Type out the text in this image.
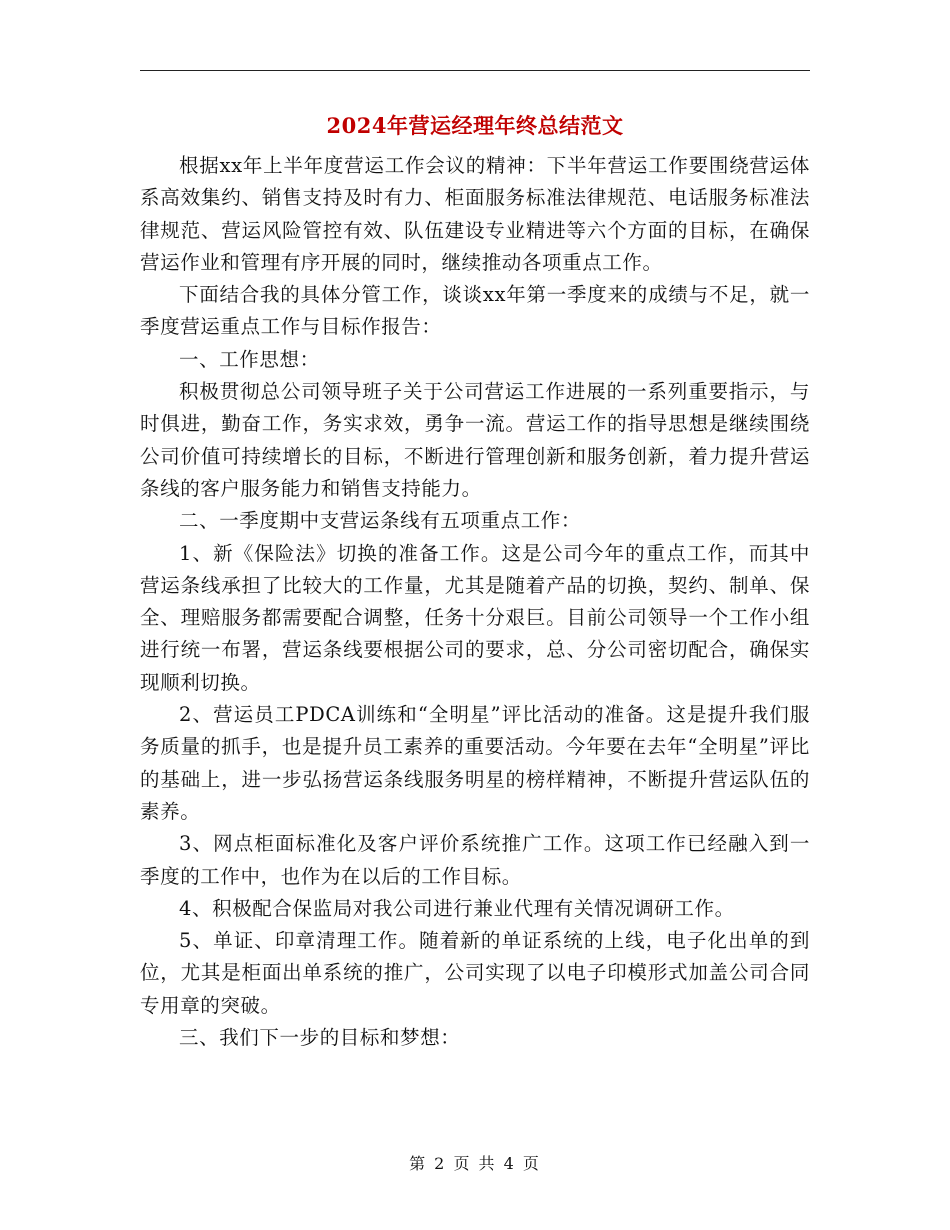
2024年营运经理年终总结范文

根据xx年上半年度营运工作会议的精神：下半年营运工作要围绕营运体系高效集约、销售支持及时有力、柜面服务标准法律规范、电话服务标准法律规范、营运风险管控有效、队伍建设专业精进等六个方面的目标，在确保营运作业和管理有序开展的同时，继续推动各项重点工作。

下面结合我的具体分管工作，谈谈xx年第一季度来的成绩与不足，就一季度营运重点工作与目标作报告：

一、工作思想：

积极贯彻总公司领导班子关于公司营运工作进展的一系列重要指示，与时俱进，勤奋工作，务实求效，勇争一流。营运工作的指导思想是继续围绕公司价值可持续增长的目标，不断进行管理创新和服务创新，着力提升营运条线的客户服务能力和销售支持能力。

二、一季度期中支营运条线有五项重点工作：

1、新《保险法》切换的准备工作。这是公司今年的重点工作，而其中营运条线承担了比较大的工作量，尤其是随着产品的切换，契约、制单、保全、理赔服务都需要配合调整，任务十分艰巨。目前公司领导一个工作小组进行统一布署，营运条线要根据公司的要求，总、分公司密切配合，确保实现顺利切换。

2、营运员工PDCA训练和“全明星”评比活动的准备。这是提升我们服务质量的抓手，也是提升员工素养的重要活动。今年要在去年“全明星”评比的基础上，进一步弘扬营运条线服务明星的榜样精神，不断提升营运队伍的素养。

3、网点柜面标准化及客户评价系统推广工作。这项工作已经融入到一季度的工作中，也作为在以后的工作目标。

4、积极配合保监局对我公司进行兼业代理有关情况调研工作。

5、单证、印章清理工作。随着新的单证系统的上线，电子化出单的到位，尤其是柜面出单系统的推广，公司实现了以电子印模形式加盖公司合同专用章的突破。

三、我们下一步的目标和梦想：

第 2 页 共 4 页
